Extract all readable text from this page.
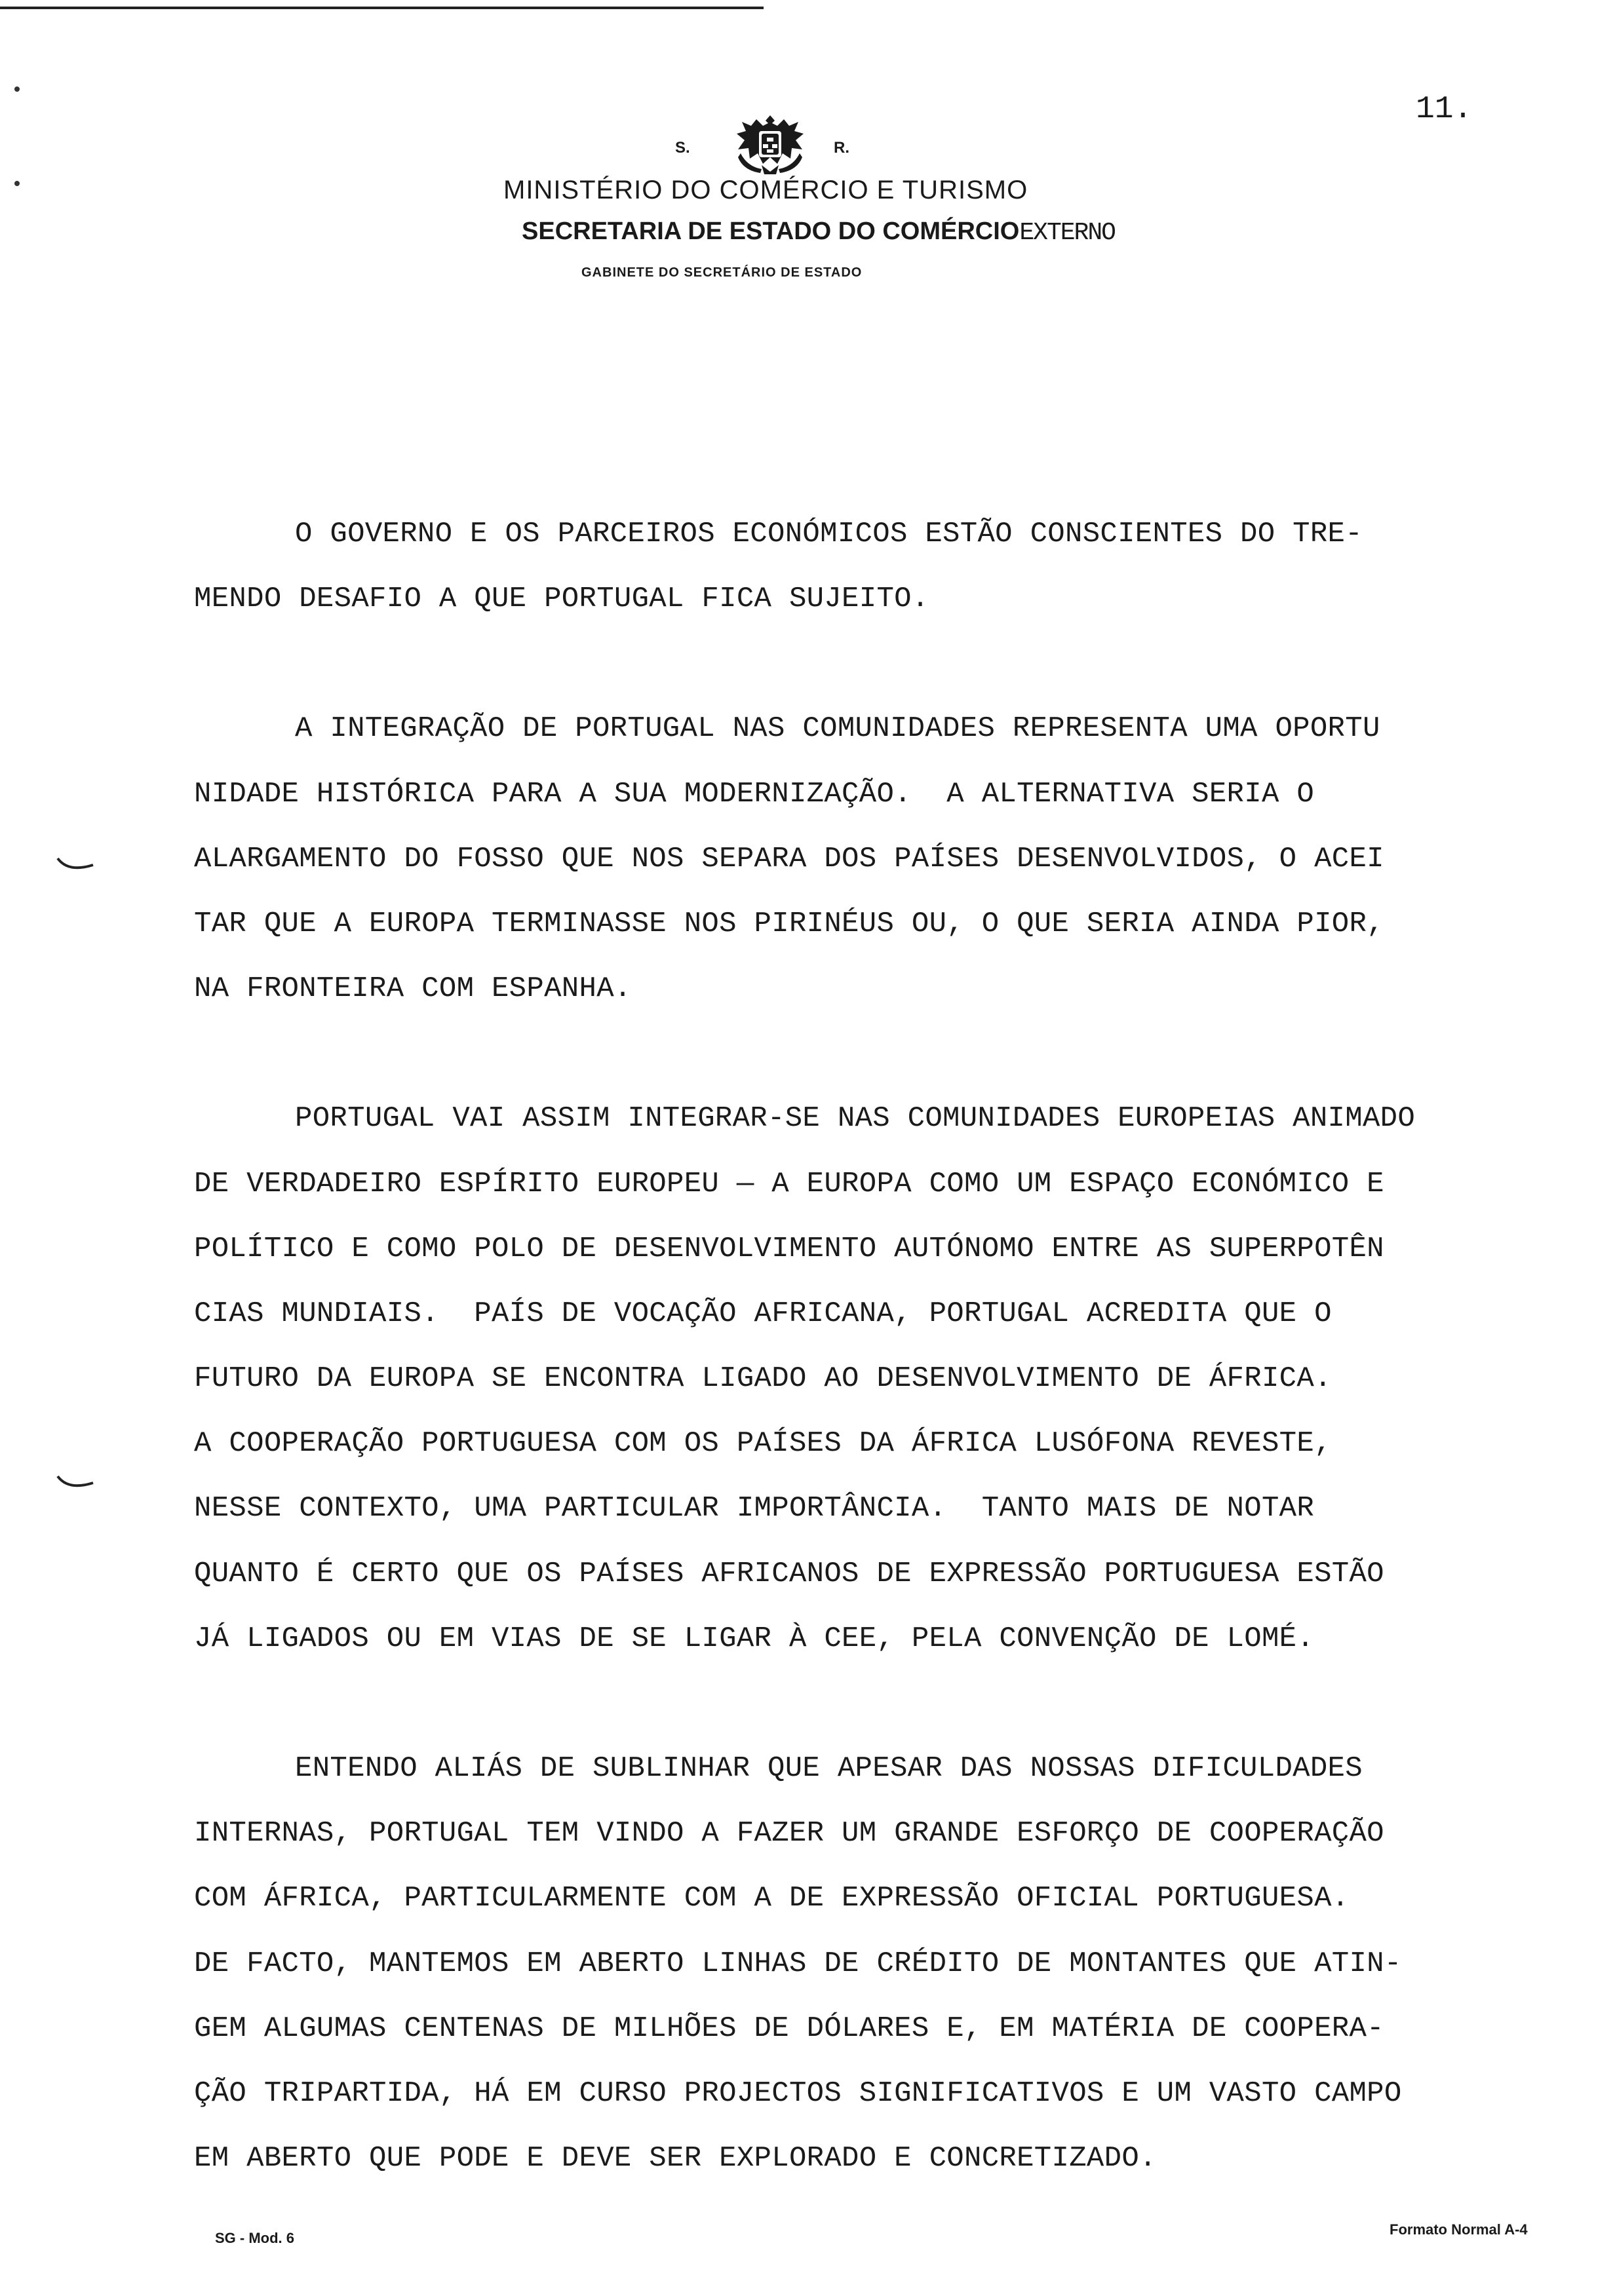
S.	R.
MINISTÉRIO DO COMÉRCIO E TURISMO
SECRETARIA DE ESTADO DO COMÉRCIOEXTERNO
GABINETE DO SECRETÁRIO DE ESTADO
11.
O GOVERNO E OS PARCEIROS ECONÓMICOS ESTÃO CONSCIENTES DO TRE-
MENDO DESAFIO A QUE PORTUGAL FICA SUJEITO.
A INTEGRAÇÃO DE PORTUGAL NAS COMUNIDADES REPRESENTA UMA OPORTU
NIDADE HISTÓRICA PARA A SUA MODERNIZAÇÃO.  A ALTERNATIVA SERIA O
ALARGAMENTO DO FOSSO QUE NOS SEPARA DOS PAÍSES DESENVOLVIDOS, O ACEI
TAR QUE A EUROPA TERMINASSE NOS PIRINÉUS OU, O QUE SERIA AINDA PIOR,
NA FRONTEIRA COM ESPANHA.
PORTUGAL VAI ASSIM INTEGRAR-SE NAS COMUNIDADES EUROPEIAS ANIMADO
DE VERDADEIRO ESPÍRITO EUROPEU — A EUROPA COMO UM ESPAÇO ECONÓMICO E
POLÍTICO E COMO POLO DE DESENVOLVIMENTO AUTÓNOMO ENTRE AS SUPERPOTÊN
CIAS MUNDIAIS.  PAÍS DE VOCAÇÃO AFRICANA, PORTUGAL ACREDITA QUE O
FUTURO DA EUROPA SE ENCONTRA LIGADO AO DESENVOLVIMENTO DE ÁFRICA.
A COOPERAÇÃO PORTUGUESA COM OS PAÍSES DA ÁFRICA LUSÓFONA REVESTE,
NESSE CONTEXTO, UMA PARTICULAR IMPORTÂNCIA.  TANTO MAIS DE NOTAR
QUANTO É CERTO QUE OS PAÍSES AFRICANOS DE EXPRESSÃO PORTUGUESA ESTÃO
JÁ LIGADOS OU EM VIAS DE SE LIGAR À CEE, PELA CONVENÇÃO DE LOMÉ.
ENTENDO ALIÁS DE SUBLINHAR QUE APESAR DAS NOSSAS DIFICULDADES
INTERNAS, PORTUGAL TEM VINDO A FAZER UM GRANDE ESFORÇO DE COOPERAÇÃO
COM ÁFRICA, PARTICULARMENTE COM A DE EXPRESSÃO OFICIAL PORTUGUESA.
DE FACTO, MANTEMOS EM ABERTO LINHAS DE CRÉDITO DE MONTANTES QUE ATIN-
GEM ALGUMAS CENTENAS DE MILHÕES DE DÓLARES E, EM MATÉRIA DE COOPERA-
ÇÃO TRIPARTIDA, HÁ EM CURSO PROJECTOS SIGNIFICATIVOS E UM VASTO CAMPO
EM ABERTO QUE PODE E DEVE SER EXPLORADO E CONCRETIZADO.
SG - Mod. 6
Formato Normal A-4
